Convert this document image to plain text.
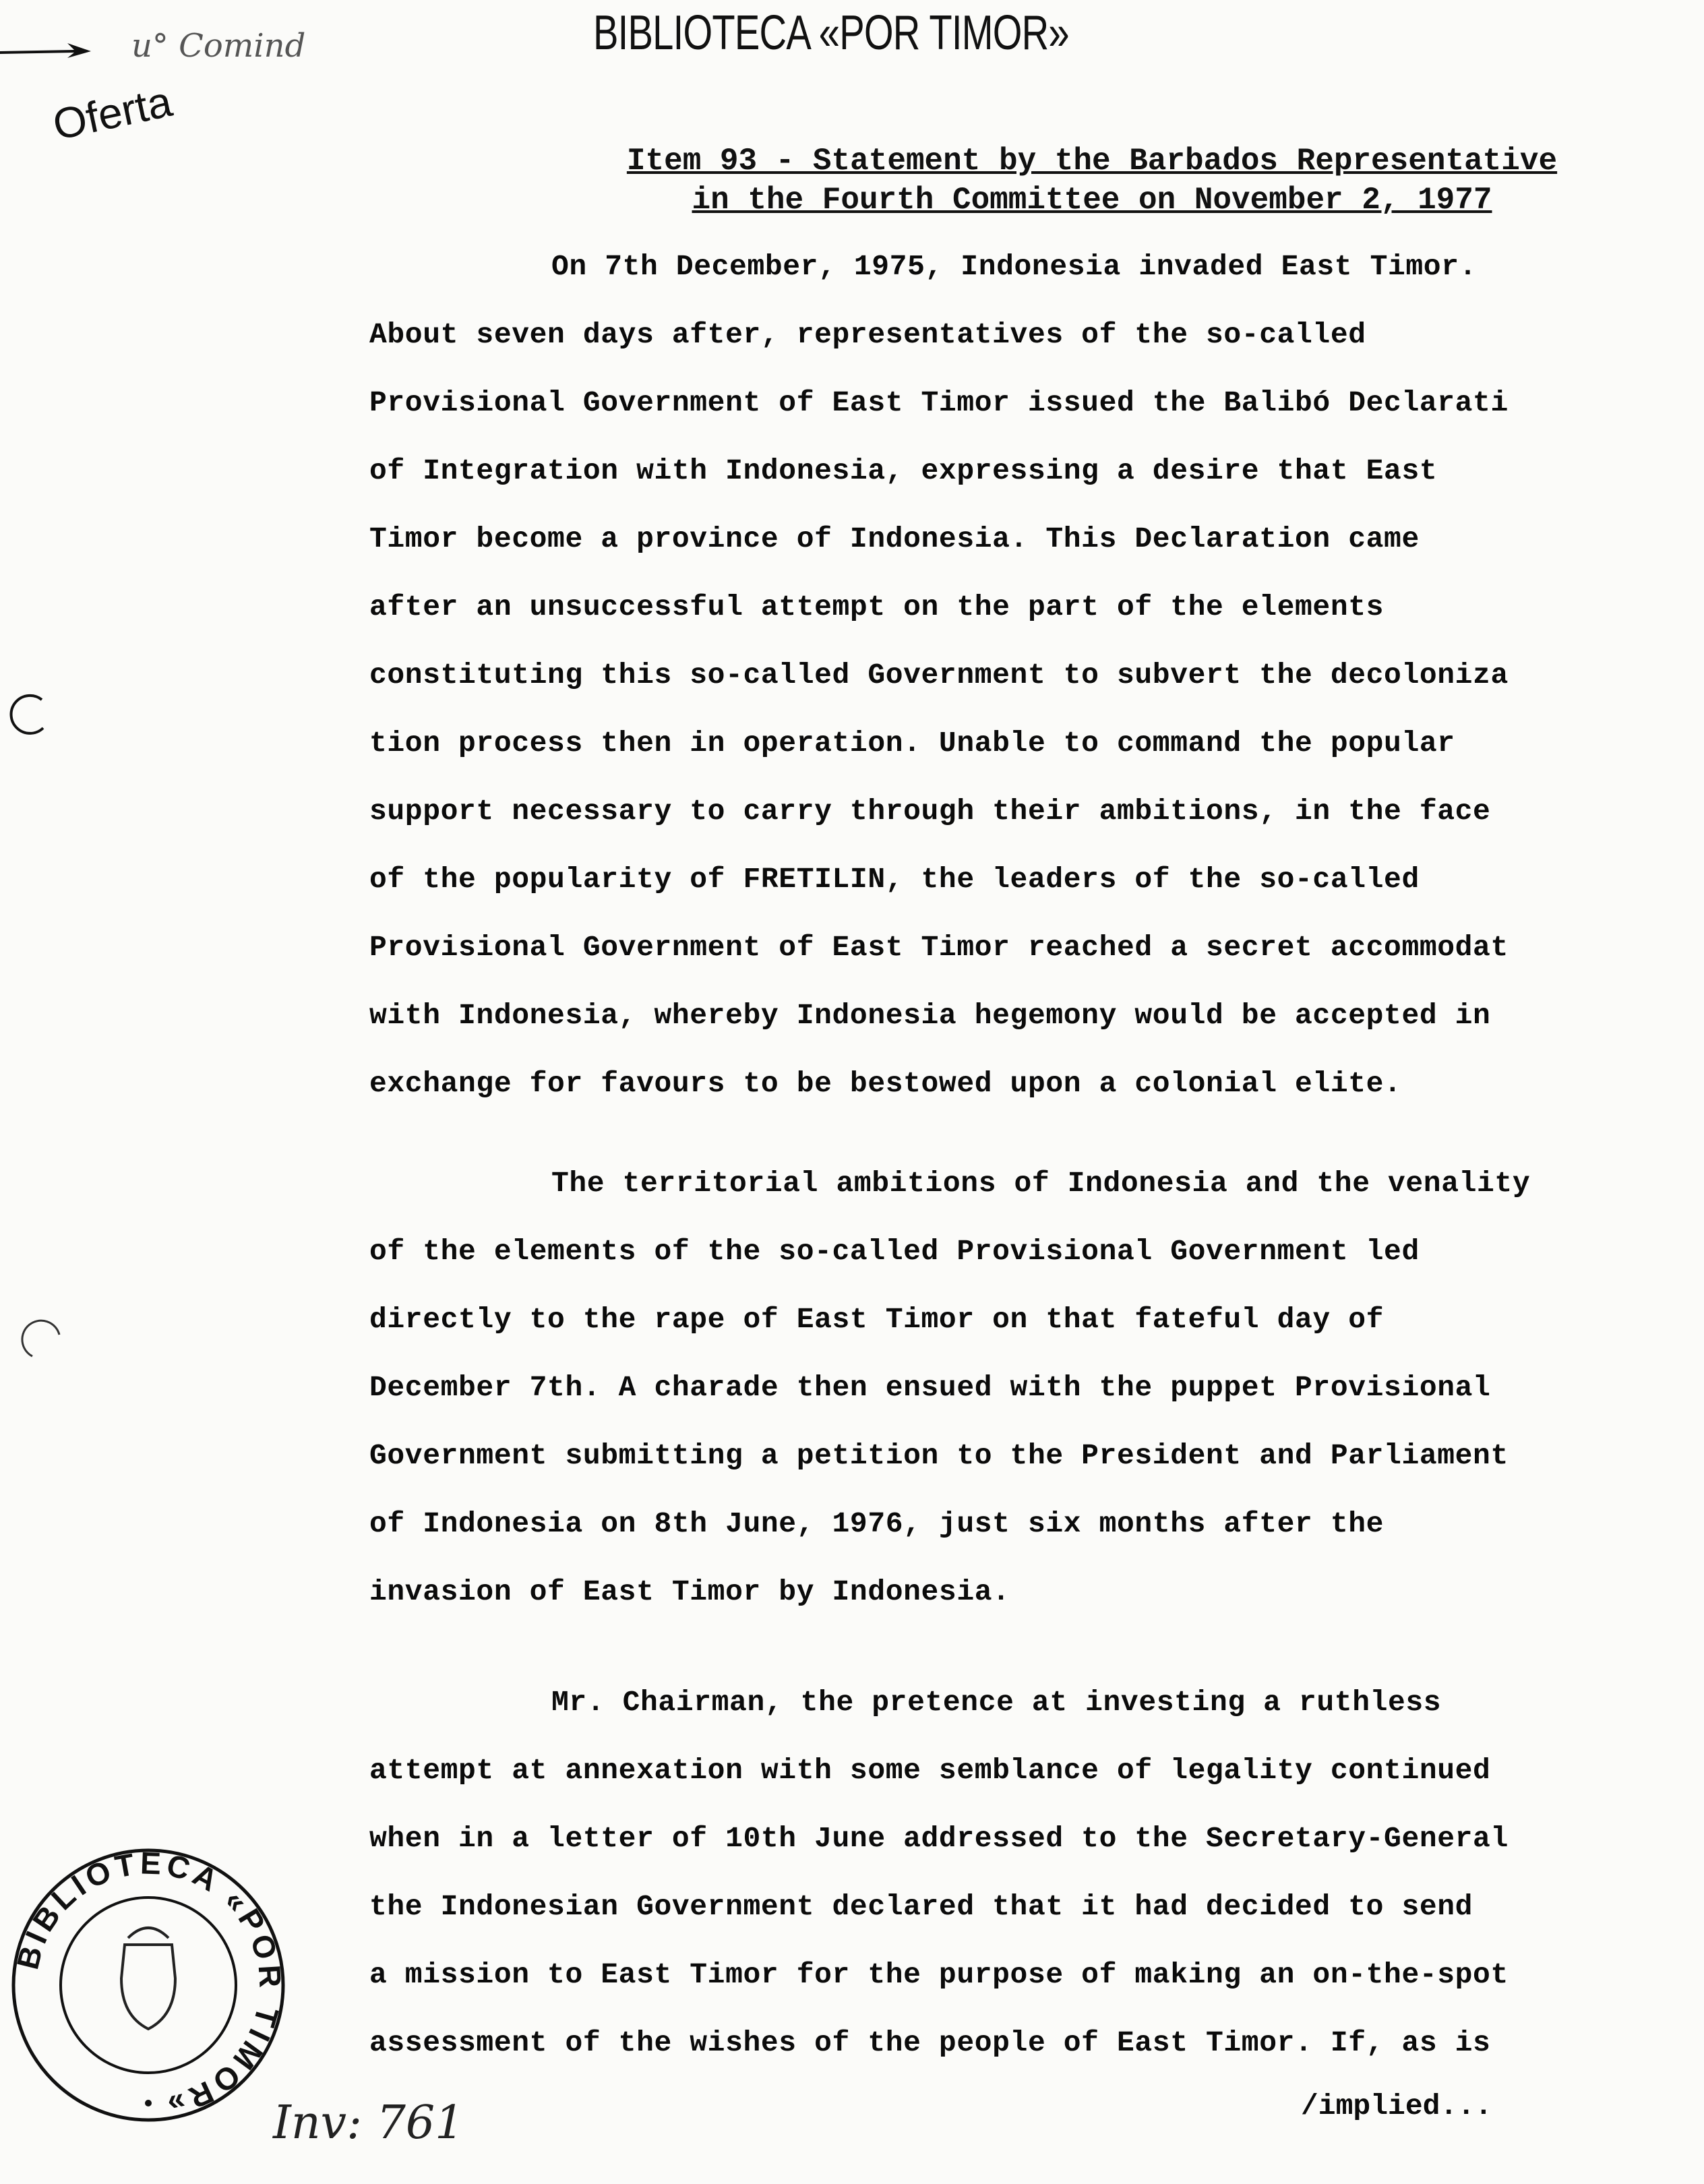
u° Comind	BIBLIOTECA «POR TIMOR»
Oferta
Item 93 - Statement by the Barbados Representative
in the Fourth Committee on November 2, 1977
On 7th December, 1975, Indonesia invaded East Timor.
About seven days after, representatives of the so-called
Provisional Government of East Timor issued the Balibó Declarati
of Integration with Indonesia, expressing a desire that East
Timor become a province of Indonesia. This Declaration came
after an unsuccessful attempt on the part of the elements
constituting this so-called Government to subvert the decoloniza
tion process then in operation. Unable to command the popular
support necessary to carry through their ambitions, in the face
of the popularity of FRETILIN, the leaders of the so-called
Provisional Government of East Timor reached a secret accommodat
with Indonesia, whereby Indonesia hegemony would be accepted in
exchange for favours to be bestowed upon a colonial elite.
The territorial ambitions of Indonesia and the venality
of the elements of the so-called Provisional Government led
directly to the rape of East Timor on that fateful day of
December 7th. A charade then ensued with the puppet Provisional
Government submitting a petition to the President and Parliament
of Indonesia on 8th June, 1976, just six months after the
invasion of East Timor by Indonesia.
Mr. Chairman, the pretence at investing a ruthless
attempt at annexation with some semblance of legality continued
when in a letter of 10th June addressed to the Secretary-General
the Indonesian Government declared that it had decided to send
a mission to East Timor for the purpose of making an on-the-spot
assessment of the wishes of the people of East Timor. If, as is
/implied...
Inv: 761
BIBLIOTECA «POR TIMOR»
